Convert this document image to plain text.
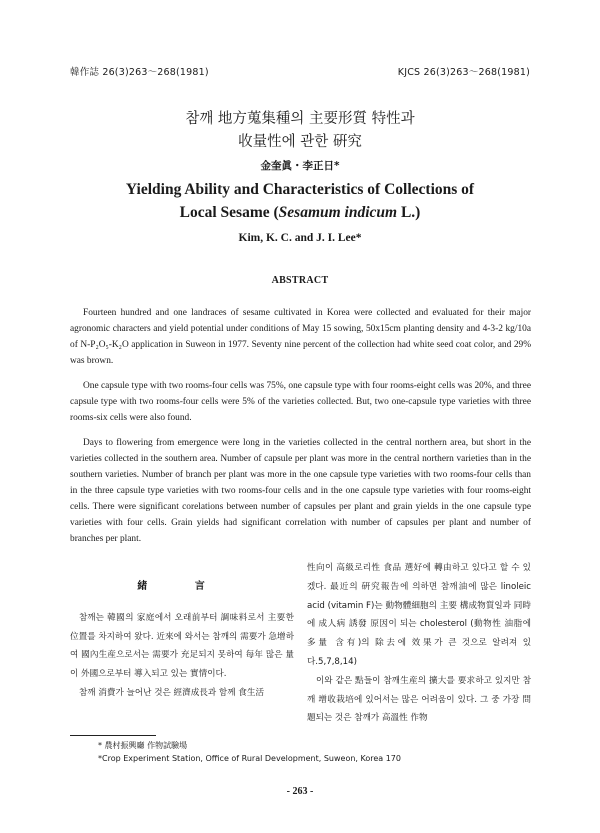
韓作誌 26(3)263～268(1981)	KJCS 26(3)263～268(1981)
참깨 地方蒐集種의 主要形質 特性과
收量性에 관한 硏究
金奎眞・李正日*
Yielding Ability and Characteristics of Collections of
Local Sesame (Sesamum indicum L.)
Kim, K. C. and J. I. Lee*
ABSTRACT

Fourteen hundred and one landraces of sesame cultivated in Korea were collected and evaluated for their major agronomic characters and yield potential under conditions of May 15 sowing, 50x15cm planting density and 4-3-2 kg/10a of N-P₂O₅-K₂O application in Suweon in 1977. Seventy nine percent of the collection had white seed coat color, and 29% was brown.

One capsule type with two rooms-four cells was 75%, one capsule type with four rooms-eight cells was 20%, and three capsule type with two rooms-four cells were 5% of the varieties collected. But, two one-capsule type varieties with three rooms-six cells were also found.

Days to flowering from emergence were long in the varieties collected in the central northern area, but short in the varieties collected in the southern area. Number of capsule per plant was more in the central northern varieties than in the southern varieties. Number of branch per plant was more in the one capsule type varieties with two rooms-four cells than in the three capsule type varieties with two rooms-four cells and in the one capsule type varieties with four rooms-eight cells. There were significant corelations between number of capsules per plant and grain yields in the one capsule type varieties with four cells. Grain yields had significant correlation with number of capsules per plant and number of branches per plant.

緒 言

참깨는 韓國의 家庭에서 오래前부터 調味料로서 主要한 位置를 차지하여 왔다. 近來에 와서는 참깨의 需要가 急增하여 國內生産으로서는 需要가 充足되지 못하여 每年 많은 量이 外國으로부터 導入되고 있는 實情이다.

참깨 消費가 늘어난 것은 經濟成長과 함께 食生活

性向이 高級로리性 食品 選好에 轉由하고 있다고 할 수 있겠다. 最近의 硏究報告에 의하면 참깨油에 많은 linoleic acid (vitamin F)는 動物體細胞의 主要 構成物質일과 同時에 成人病 誘發 原因이 되는 cholesterol (動物性 油脂에 多量 含有)의 除去에 效果가 큰 것으로 알려져 있다.5,7,8,14)

이와 같은 點들이 참깨生産의 擴大를 要求하고 있지만 참깨 增收栽培에 있어서는 많은 어려움이 있다. 그 중 가장 問題되는 것은 참깨가 高溫性 作物

* 農村振興廳 作物試驗場
*Crop Experiment Station, Office of Rural Development, Suweon, Korea 170
- 263 -
